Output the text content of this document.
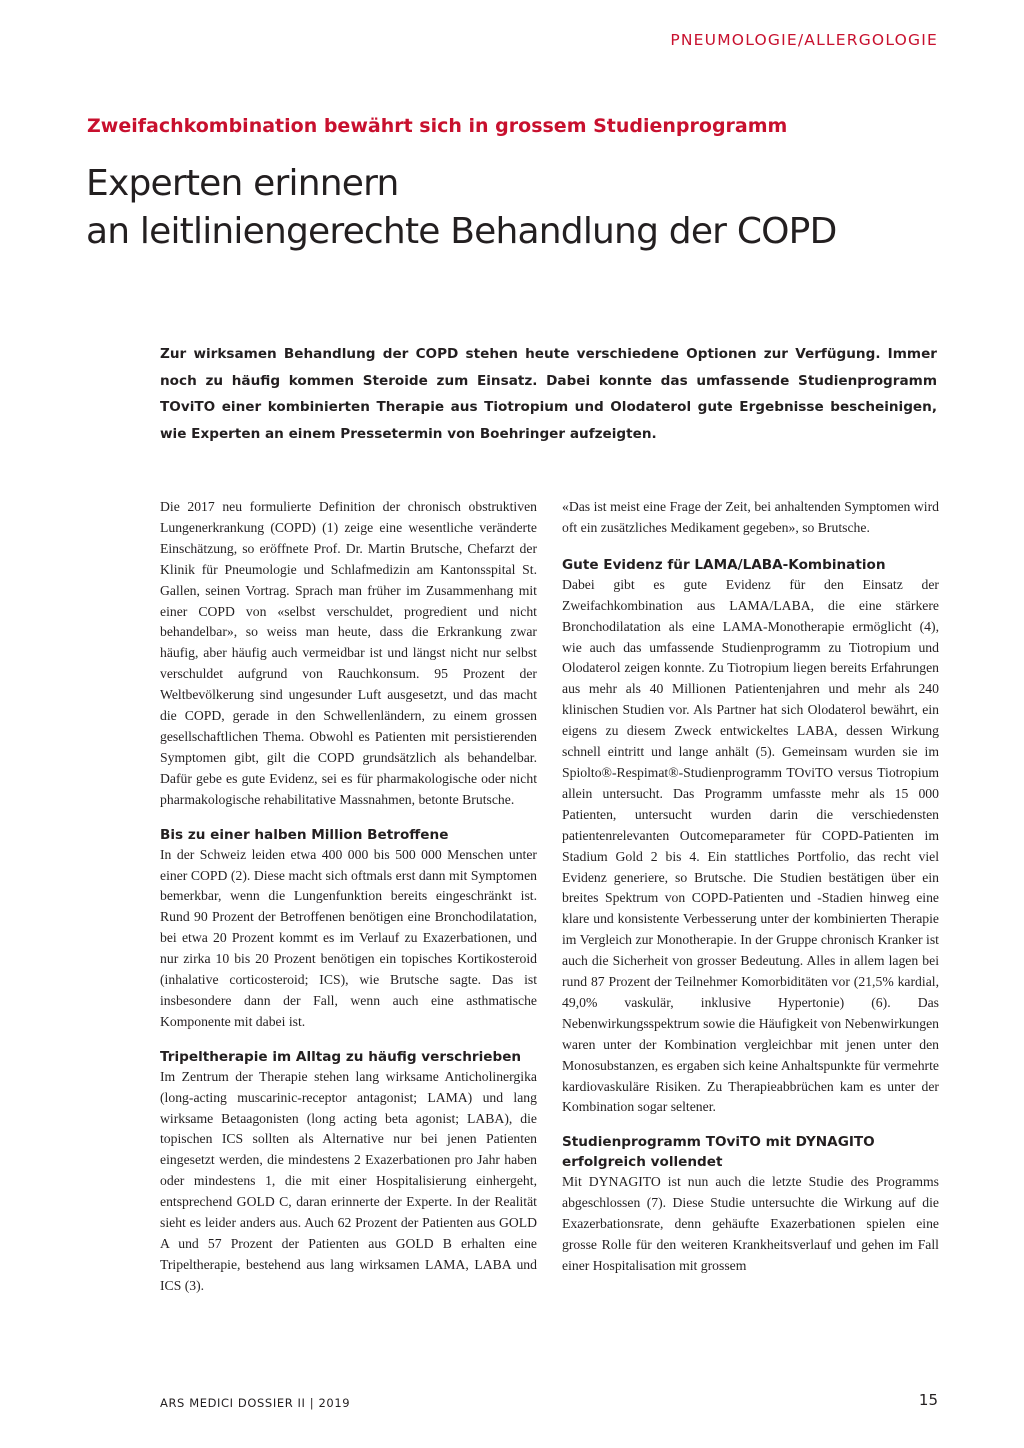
PNEUMOLOGIE/ALLERGOLOGIE
Zweifachkombination bewährt sich in grossem Studienprogramm
Experten erinnern
an leitliniengerechte Behandlung der COPD

Zur wirksamen Behandlung der COPD stehen heute verschiedene Optionen zur Verfügung. Immer noch zu häufig kommen Steroide zum Einsatz. Dabei konnte das umfassende Studienprogramm TOviTO einer kombinierten Therapie aus Tiotropium und Olodaterol gute Ergebnisse bescheinigen, wie Experten an einem Pressetermin von Boehringer aufzeigten.

Die 2017 neu formulierte Definition der chronisch obstruktiven Lungenerkrankung (COPD) (1) zeige eine wesentliche veränderte Einschätzung, so eröffnete Prof. Dr. Martin Brutsche, Chefarzt der Klinik für Pneumologie und Schlafmedizin am Kantonsspital St. Gallen, seinen Vortrag. Sprach man früher im Zusammenhang mit einer COPD von «selbst verschuldet, progredient und nicht behandelbar», so weiss man heute, dass die Erkrankung zwar häufig, aber häufig auch vermeidbar ist und längst nicht nur selbst verschuldet aufgrund von Rauchkonsum. 95 Prozent der Weltbevölkerung sind ungesunder Luft ausgesetzt, und das macht die COPD, gerade in den Schwellenländern, zu einem grossen gesellschaftlichen Thema. Obwohl es Patienten mit persistierenden Symptomen gibt, gilt die COPD grundsätzlich als behandelbar. Dafür gebe es gute Evidenz, sei es für pharmakologische oder nicht pharmakologische rehabilitative Massnahmen, betonte Brutsche.

Bis zu einer halben Million Betroffene

In der Schweiz leiden etwa 400 000 bis 500 000 Menschen unter einer COPD (2). Diese macht sich oftmals erst dann mit Symptomen bemerkbar, wenn die Lungenfunktion bereits eingeschränkt ist. Rund 90 Prozent der Betroffenen benötigen eine Bronchodilatation, bei etwa 20 Prozent kommt es im Verlauf zu Exazerbationen, und nur zirka 10 bis 20 Prozent benötigen ein topisches Kortikosteroid (inhalative corticosteroid; ICS), wie Brutsche sagte. Das ist insbesondere dann der Fall, wenn auch eine asthmatische Komponente mit dabei ist.

Tripeltherapie im Alltag zu häufig verschrieben

Im Zentrum der Therapie stehen lang wirksame Anticholinergika (long-acting muscarinic-receptor antagonist; LAMA) und lang wirksame Betaagonisten (long acting beta agonist; LABA), die topischen ICS sollten als Alternative nur bei jenen Patienten eingesetzt werden, die mindestens 2 Exazerbationen pro Jahr haben oder mindestens 1, die mit einer Hospitalisierung einhergeht, entsprechend GOLD C, daran erinnerte der Experte. In der Realität sieht es leider anders aus. Auch 62 Prozent der Patienten aus GOLD A und 57 Prozent der Patienten aus GOLD B erhalten eine Tripeltherapie, bestehend aus lang wirksamen LAMA, LABA und ICS (3).

«Das ist meist eine Frage der Zeit, bei anhaltenden Symptomen wird oft ein zusätzliches Medikament gegeben», so Brutsche.

Gute Evidenz für LAMA/LABA-Kombination

Dabei gibt es gute Evidenz für den Einsatz der Zweifachkombination aus LAMA/LABA, die eine stärkere Bronchodilatation als eine LAMA-Monotherapie ermöglicht (4), wie auch das umfassende Studienprogramm zu Tiotropium und Olodaterol zeigen konnte. Zu Tiotropium liegen bereits Erfahrungen aus mehr als 40 Millionen Patientenjahren und mehr als 240 klinischen Studien vor. Als Partner hat sich Olodaterol bewährt, ein eigens zu diesem Zweck entwickeltes LABA, dessen Wirkung schnell eintritt und lange anhält (5). Gemeinsam wurden sie im Spiolto®-Respimat®-Studienprogramm TOviTO versus Tiotropium allein untersucht. Das Programm umfasste mehr als 15 000 Patienten, untersucht wurden darin die verschiedensten patientenrelevanten Outcomeparameter für COPD-Patienten im Stadium Gold 2 bis 4. Ein stattliches Portfolio, das recht viel Evidenz generiere, so Brutsche. Die Studien bestätigen über ein breites Spektrum von COPD-Patienten und -Stadien hinweg eine klare und konsistente Verbesserung unter der kombinierten Therapie im Vergleich zur Monotherapie. In der Gruppe chronisch Kranker ist auch die Sicherheit von grosser Bedeutung. Alles in allem lagen bei rund 87 Prozent der Teilnehmer Komorbiditäten vor (21,5% kardial, 49,0% vaskulär, inklusive Hypertonie) (6). Das Nebenwirkungsspektrum sowie die Häufigkeit von Nebenwirkungen waren unter der Kombination vergleichbar mit jenen unter den Monosubstanzen, es ergaben sich keine Anhaltspunkte für vermehrte kardiovaskuläre Risiken. Zu Therapieabbrüchen kam es unter der Kombination sogar seltener.

Studienprogramm TOviTO mit DYNAGITO erfolgreich vollendet

Mit DYNAGITO ist nun auch die letzte Studie des Programms abgeschlossen (7). Diese Studie untersuchte die Wirkung auf die Exazerbationsrate, denn gehäufte Exazerbationen spielen eine grosse Rolle für den weiteren Krankheitsverlauf und gehen im Fall einer Hospitalisation mit grossem

ARS MEDICI DOSSIER II | 2019	15
